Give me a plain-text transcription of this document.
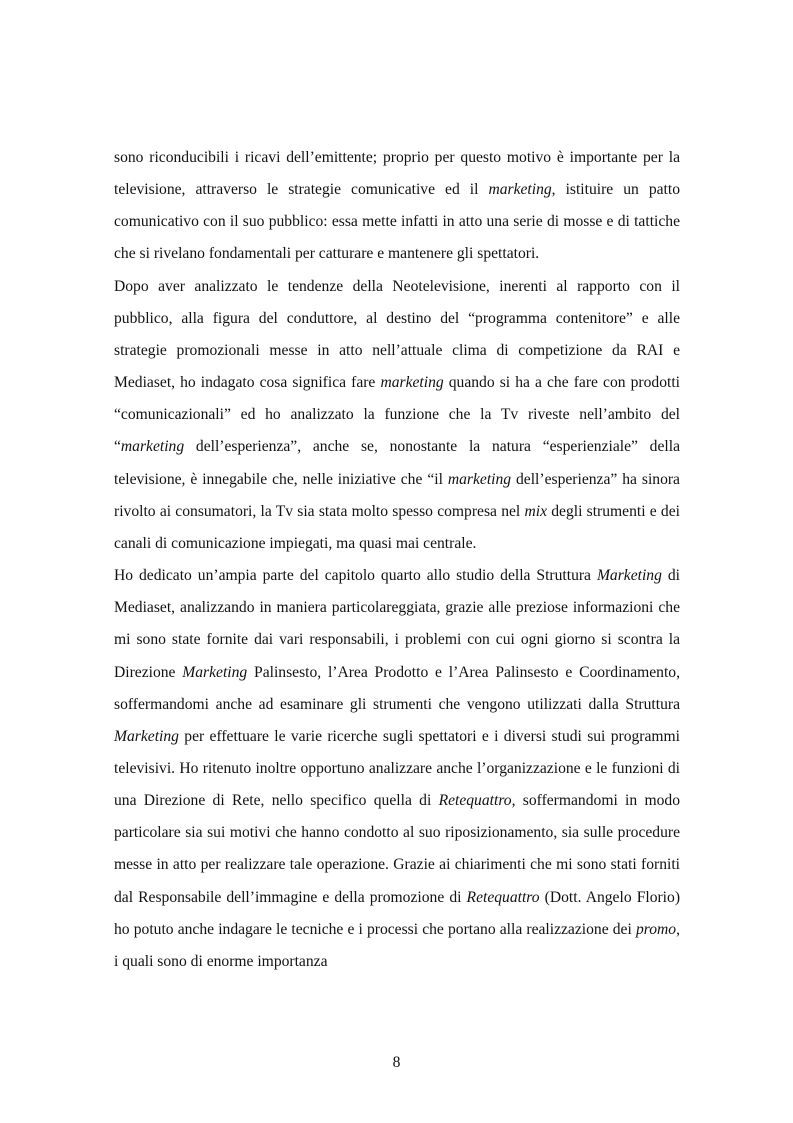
sono riconducibili i ricavi dell’emittente; proprio per questo motivo è importante per la televisione, attraverso le strategie comunicative ed il marketing, istituire un patto comunicativo con il suo pubblico: essa mette infatti in atto una serie di mosse e di tattiche che si rivelano fondamentali per catturare e mantenere gli spettatori.

Dopo aver analizzato le tendenze della Neotelevisione, inerenti al rapporto con il pubblico, alla figura del conduttore, al destino del “programma contenitore” e alle strategie promozionali messe in atto nell’attuale clima di competizione da RAI e Mediaset, ho indagato cosa significa fare marketing quando si ha a che fare con prodotti “comunicazionali” ed ho analizzato la funzione che la Tv riveste nell’ambito del “marketing dell’esperienza”, anche se, nonostante la natura “esperienziale” della televisione, è innegabile che, nelle iniziative che “il marketing dell’esperienza” ha sinora rivolto ai consumatori, la Tv sia stata molto spesso compresa nel mix degli strumenti e dei canali di comunicazione impiegati, ma quasi mai centrale.

Ho dedicato un’ampia parte del capitolo quarto allo studio della Struttura Marketing di Mediaset, analizzando in maniera particolareggiata, grazie alle preziose informazioni che mi sono state fornite dai vari responsabili, i problemi con cui ogni giorno si scontra la Direzione Marketing Palinsesto, l’Area Prodotto e l’Area Palinsesto e Coordinamento, soffermandomi anche ad esaminare gli strumenti che vengono utilizzati dalla Struttura Marketing per effettuare le varie ricerche sugli spettatori e i diversi studi sui programmi televisivi. Ho ritenuto inoltre opportuno analizzare anche l’organizzazione e le funzioni di una Direzione di Rete, nello specifico quella di Retequattro, soffermandomi in modo particolare sia sui motivi che hanno condotto al suo riposizionamento, sia sulle procedure messe in atto per realizzare tale operazione. Grazie ai chiarimenti che mi sono stati forniti dal Responsabile dell’immagine e della promozione di Retequattro (Dott. Angelo Florio) ho potuto anche indagare le tecniche e i processi che portano alla realizzazione dei promo, i quali sono di enorme importanza

8
